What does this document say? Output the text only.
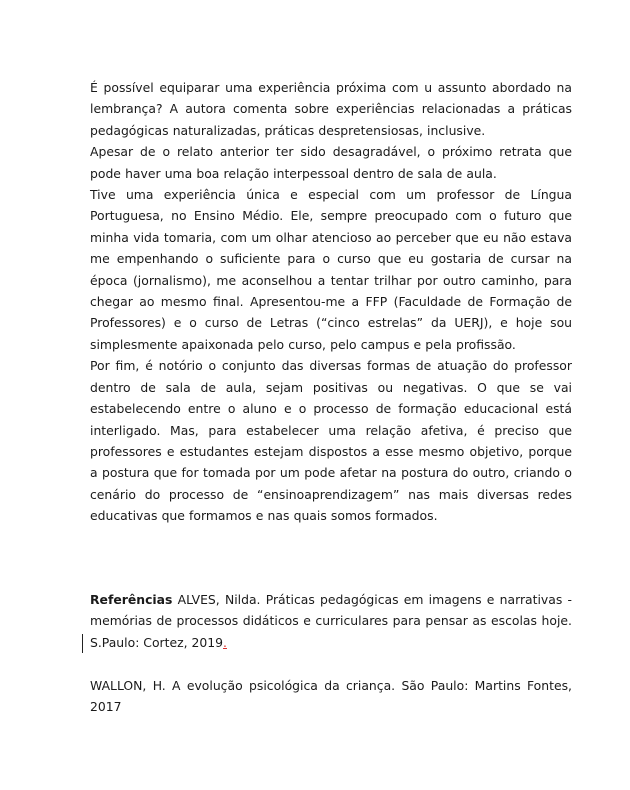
É possível equiparar uma experiência próxima com u assunto abordado na lembrança? A autora comenta sobre experiências relacionadas a práticas pedagógicas naturalizadas, práticas despretensiosas, inclusive.

Apesar de o relato anterior ter sido desagradável, o próximo retrata que pode haver uma boa relação interpessoal dentro de sala de aula.

Tive uma experiência única e especial com um professor de Língua Portuguesa, no Ensino Médio. Ele, sempre preocupado com o futuro que minha vida tomaria, com um olhar atencioso ao perceber que eu não estava me empenhando o suficiente para o curso que eu gostaria de cursar na época (jornalismo), me aconselhou a tentar trilhar por outro caminho, para chegar ao mesmo final. Apresentou-me a FFP (Faculdade de Formação de Professores) e o curso de Letras (“cinco estrelas” da UERJ), e hoje sou simplesmente apaixonada pelo curso, pelo campus e pela profissão.

Por fim, é notório o conjunto das diversas formas de atuação do professor dentro de sala de aula, sejam positivas ou negativas. O que se vai estabelecendo entre o aluno e o processo de formação educacional está interligado. Mas, para estabelecer uma relação afetiva, é preciso que professores e estudantes estejam dispostos a esse mesmo objetivo, porque a postura que for tomada por um pode afetar na postura do outro, criando o cenário do processo de “ensinoaprendizagem” nas mais diversas redes educativas que formamos e nas quais somos formados.

Referências ALVES, Nilda. Práticas pedagógicas em imagens e narrativas - memórias de processos didáticos e curriculares para pensar as escolas hoje. S.Paulo: Cortez, 2019.

WALLON, H. A evolução psicológica da criança. São Paulo: Martins Fontes, 2017
